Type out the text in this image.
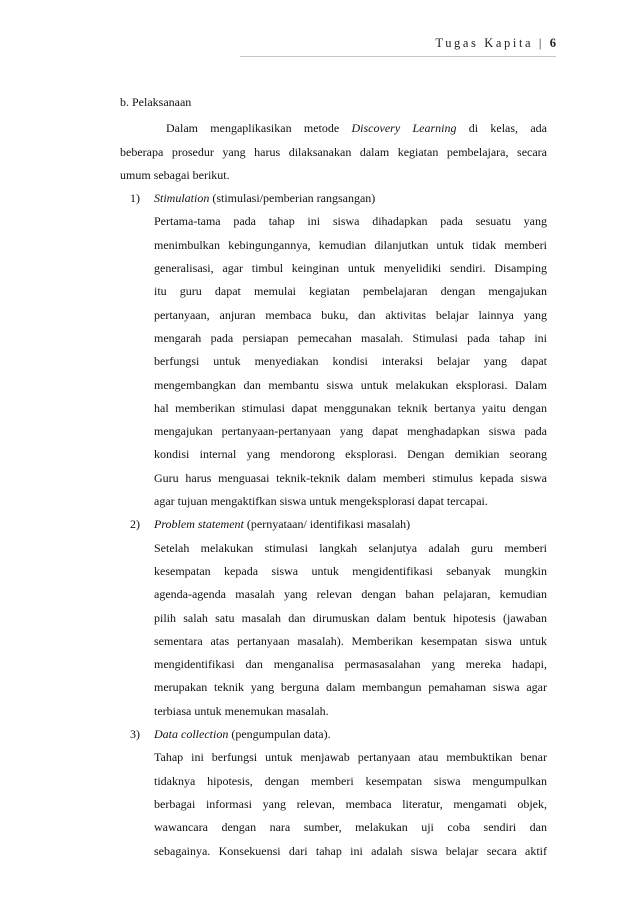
Tugas Kapita | 6
b. Pelaksanaan
Dalam mengaplikasikan metode Discovery Learning di kelas, ada
beberapa prosedur yang harus dilaksanakan dalam kegiatan pembelajara, secara
umum sebagai berikut.
1) Stimulation (stimulasi/pemberian rangsangan)
Pertama-tama pada tahap ini siswa dihadapkan pada sesuatu yang
menimbulkan kebingungannya, kemudian dilanjutkan untuk tidak memberi
generalisasi, agar timbul keinginan untuk menyelidiki sendiri. Disamping
itu guru dapat memulai kegiatan pembelajaran dengan mengajukan
pertanyaan, anjuran membaca buku, dan aktivitas belajar lainnya yang
mengarah pada persiapan pemecahan masalah. Stimulasi pada tahap ini
berfungsi untuk menyediakan kondisi interaksi belajar yang dapat
mengembangkan dan membantu siswa untuk melakukan eksplorasi. Dalam
hal memberikan stimulasi dapat menggunakan teknik bertanya yaitu dengan
mengajukan pertanyaan-pertanyaan yang dapat menghadapkan siswa pada
kondisi internal yang mendorong eksplorasi. Dengan demikian seorang
Guru harus menguasai teknik-teknik dalam memberi stimulus kepada siswa
agar tujuan mengaktifkan siswa untuk mengeksplorasi dapat tercapai.
2) Problem statement (pernyataan/ identifikasi masalah)
Setelah melakukan stimulasi langkah selanjutya adalah guru memberi
kesempatan kepada siswa untuk mengidentifikasi sebanyak mungkin
agenda-agenda masalah yang relevan dengan bahan pelajaran, kemudian
pilih salah satu masalah dan dirumuskan dalam bentuk hipotesis (jawaban
sementara atas pertanyaan masalah). Memberikan kesempatan siswa untuk
mengidentifikasi dan menganalisa permasasalahan yang mereka hadapi,
merupakan teknik yang berguna dalam membangun pemahaman siswa agar
terbiasa untuk menemukan masalah.
3) Data collection (pengumpulan data).
Tahap ini berfungsi untuk menjawab pertanyaan atau membuktikan benar
tidaknya hipotesis, dengan memberi kesempatan siswa mengumpulkan
berbagai informasi yang relevan, membaca literatur, mengamati objek,
wawancara dengan nara sumber, melakukan uji coba sendiri dan
sebagainya. Konsekuensi dari tahap ini adalah siswa belajar secara aktif
